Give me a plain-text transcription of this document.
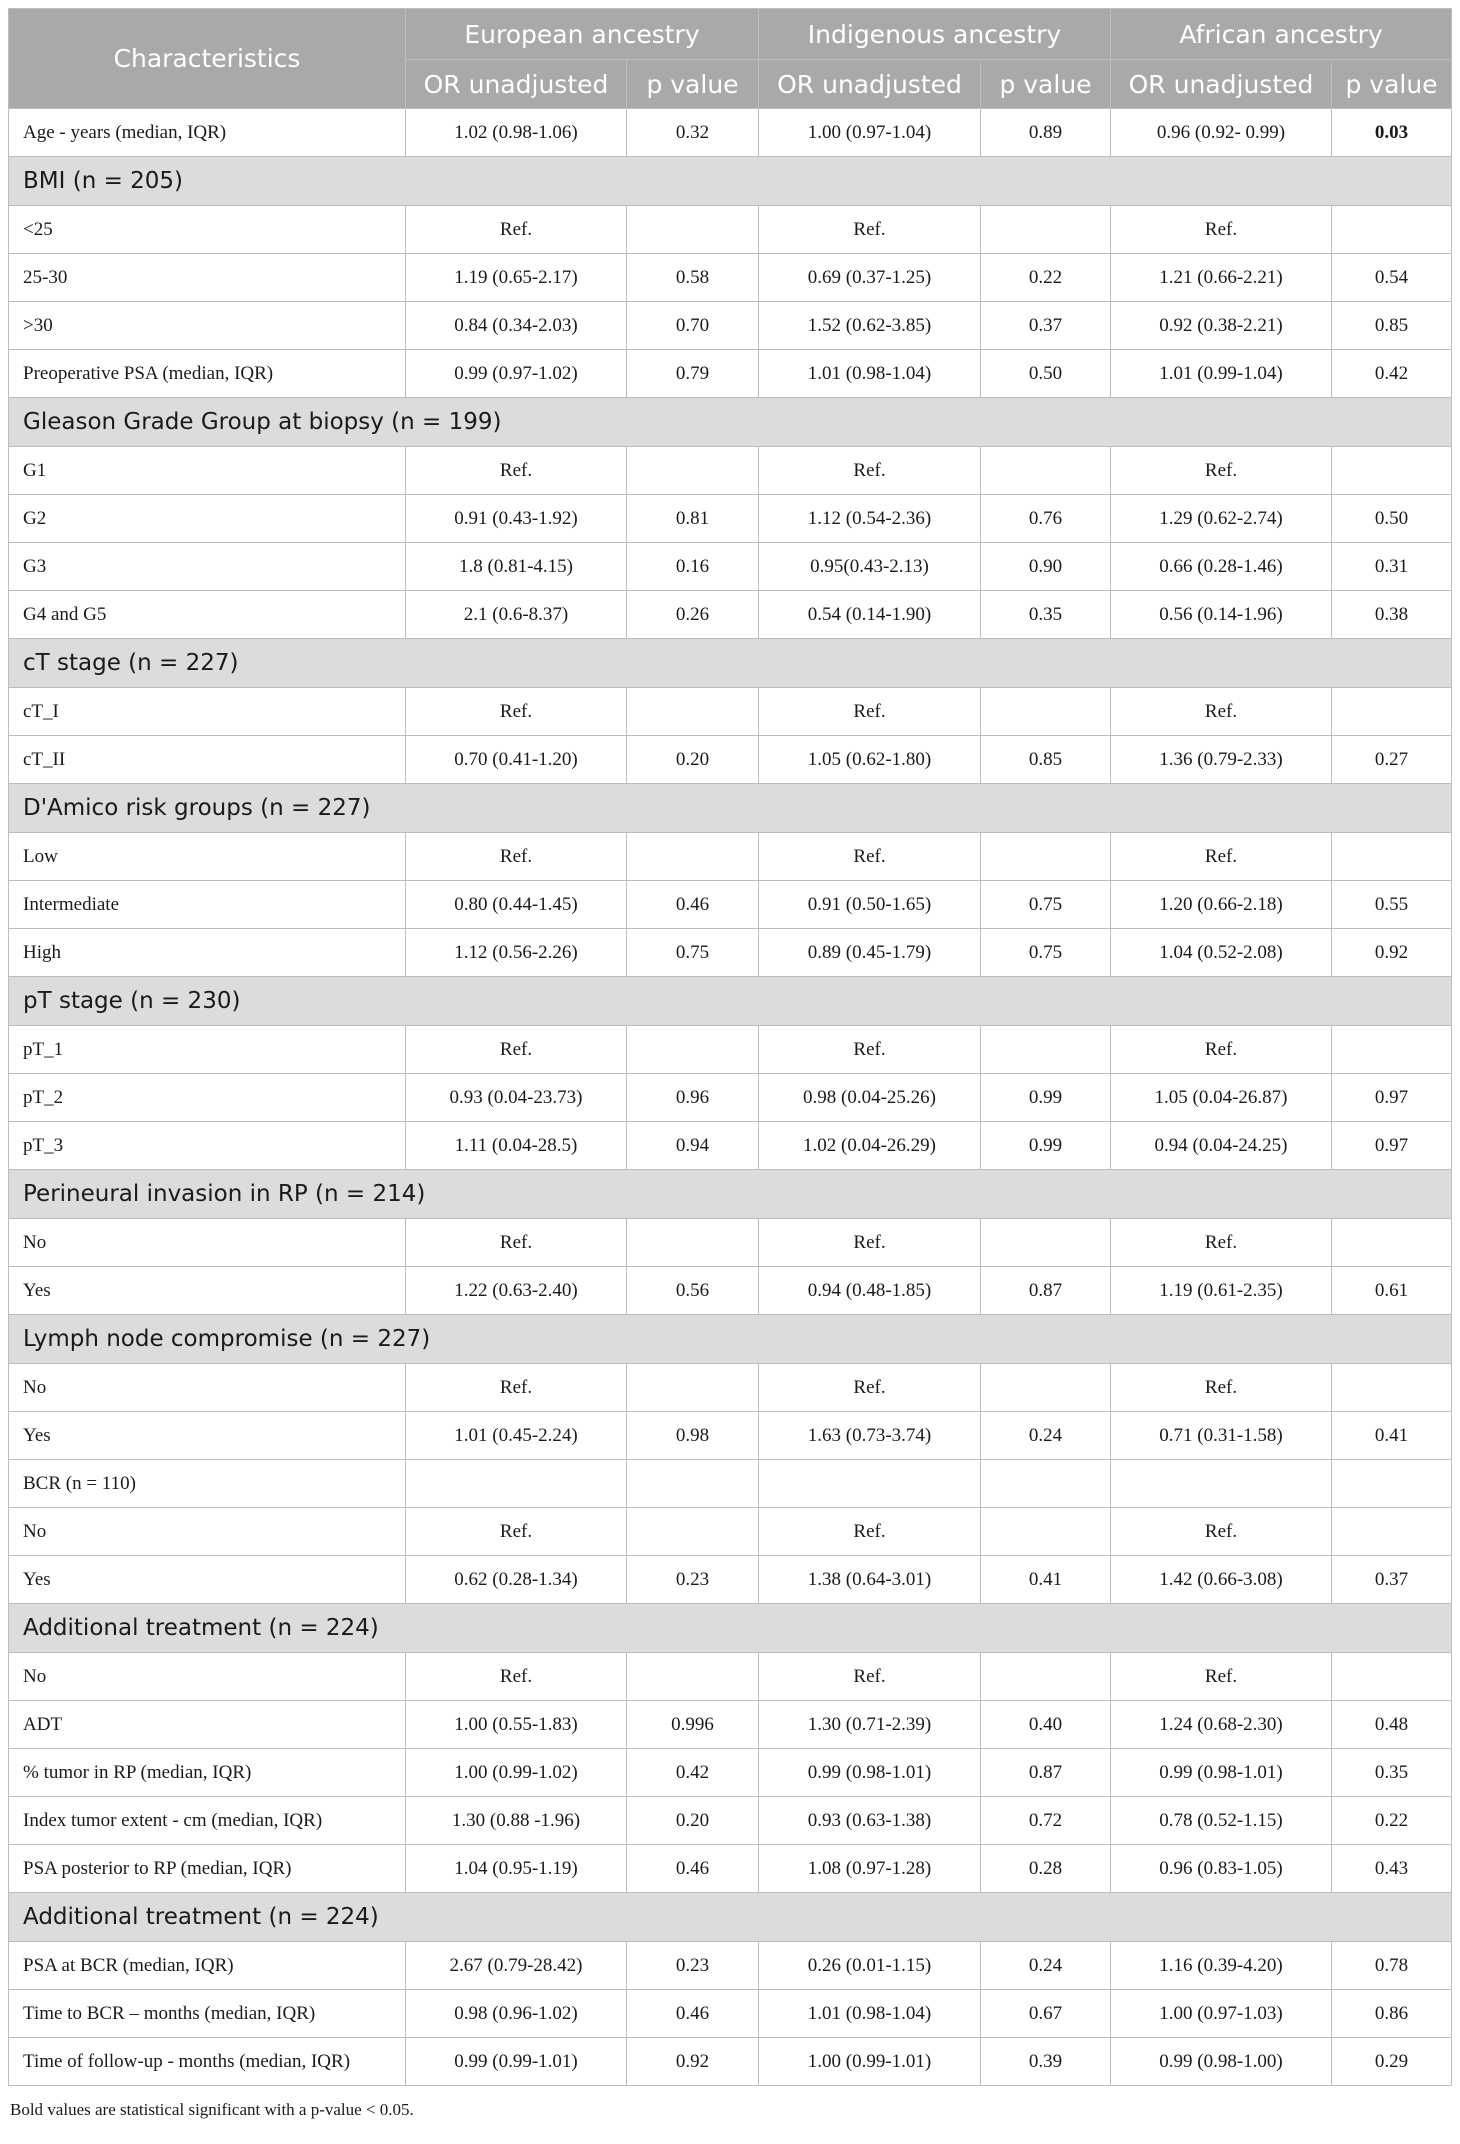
Characteristics	European ancestry		Indigenous ancestry		African ancestry	
	OR unadjusted	p value	OR unadjusted	p value	OR unadjusted	p value
Age - years (median, IQR)	1.02 (0.98-1.06)	0.32	1.00 (0.97-1.04)	0.89	0.96 (0.92- 0.99)	0.03
BMI (n = 205)						
<25	Ref.		Ref.		Ref.	
25-30	1.19 (0.65-2.17)	0.58	0.69 (0.37-1.25)	0.22	1.21 (0.66-2.21)	0.54
>30	0.84 (0.34-2.03)	0.70	1.52 (0.62-3.85)	0.37	0.92 (0.38-2.21)	0.85
Preoperative PSA (median, IQR)	0.99 (0.97-1.02)	0.79	1.01 (0.98-1.04)	0.50	1.01 (0.99-1.04)	0.42
Gleason Grade Group at biopsy (n = 199)						
G1	Ref.		Ref.		Ref.	
G2	0.91 (0.43-1.92)	0.81	1.12 (0.54-2.36)	0.76	1.29 (0.62-2.74)	0.50
G3	1.8 (0.81-4.15)	0.16	0.95(0.43-2.13)	0.90	0.66 (0.28-1.46)	0.31
G4 and G5	2.1 (0.6-8.37)	0.26	0.54 (0.14-1.90)	0.35	0.56 (0.14-1.96)	0.38
cT stage (n = 227)						
cT_I	Ref.		Ref.		Ref.	
cT_II	0.70 (0.41-1.20)	0.20	1.05 (0.62-1.80)	0.85	1.36 (0.79-2.33)	0.27
D'Amico risk groups (n = 227)						
Low	Ref.		Ref.		Ref.	
Intermediate	0.80 (0.44-1.45)	0.46	0.91 (0.50-1.65)	0.75	1.20 (0.66-2.18)	0.55
High	1.12 (0.56-2.26)	0.75	0.89 (0.45-1.79)	0.75	1.04 (0.52-2.08)	0.92
pT stage (n = 230)						
pT_1	Ref.		Ref.		Ref.	
pT_2	0.93 (0.04-23.73)	0.96	0.98 (0.04-25.26)	0.99	1.05 (0.04-26.87)	0.97
pT_3	1.11 (0.04-28.5)	0.94	1.02 (0.04-26.29)	0.99	0.94 (0.04-24.25)	0.97
Perineural invasion in RP (n = 214)						
No	Ref.		Ref.		Ref.	
Yes	1.22 (0.63-2.40)	0.56	0.94 (0.48-1.85)	0.87	1.19 (0.61-2.35)	0.61
Lymph node compromise (n = 227)						
No	Ref.		Ref.		Ref.	
Yes	1.01 (0.45-2.24)	0.98	1.63 (0.73-3.74)	0.24	0.71 (0.31-1.58)	0.41
BCR (n = 110)						
No	Ref.		Ref.		Ref.	
Yes	0.62 (0.28-1.34)	0.23	1.38 (0.64-3.01)	0.41	1.42 (0.66-3.08)	0.37
Additional treatment (n = 224)						
No	Ref.		Ref.		Ref.	
ADT	1.00 (0.55-1.83)	0.996	1.30 (0.71-2.39)	0.40	1.24 (0.68-2.30)	0.48
% tumor in RP (median, IQR)	1.00 (0.99-1.02)	0.42	0.99 (0.98-1.01)	0.87	0.99 (0.98-1.01)	0.35
Index tumor extent - cm (median, IQR)	1.30 (0.88 -1.96)	0.20	0.93 (0.63-1.38)	0.72	0.78 (0.52-1.15)	0.22
PSA posterior to RP (median, IQR)	1.04 (0.95-1.19)	0.46	1.08 (0.97-1.28)	0.28	0.96 (0.83-1.05)	0.43
Additional treatment (n = 224)						
PSA at BCR (median, IQR)	2.67 (0.79-28.42)	0.23	0.26 (0.01-1.15)	0.24	1.16 (0.39-4.20)	0.78
Time to BCR – months (median, IQR)	0.98 (0.96-1.02)	0.46	1.01 (0.98-1.04)	0.67	1.00 (0.97-1.03)	0.86
Time of follow-up - months (median, IQR)	0.99 (0.99-1.01)	0.92	1.00 (0.99-1.01)	0.39	0.99 (0.98-1.00)	0.29
Bold values are statistical significant with a p-value < 0.05.
